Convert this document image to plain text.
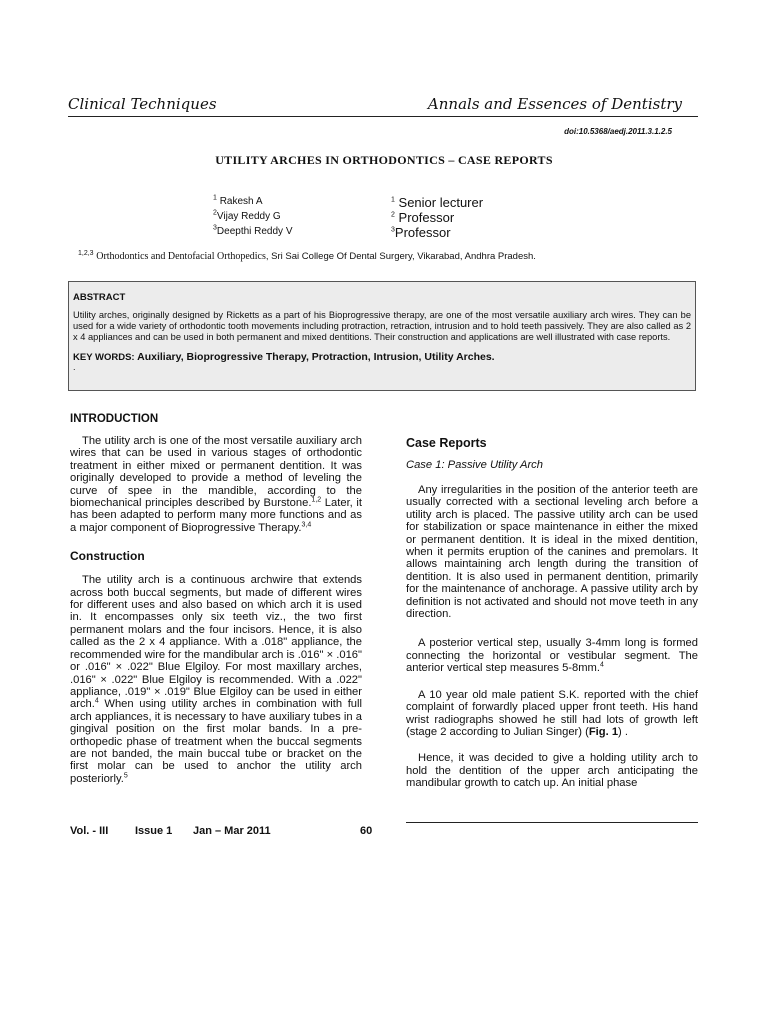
Clinical Techniques	Annals and Essences of Dentistry
doi:10.5368/aedj.2011.3.1.2.5
UTILITY ARCHES IN ORTHODONTICS – CASE REPORTS
$^1$ Rakesh A
$^2$Vijay Reddy G
$^3$Deepthi Reddy V
$^1$ Senior lecturer
$^2$ Professor
$^3$Professor
$^{1,2,3}$ Orthodontics and Dentofacial Orthopedics, Sri Sai College Of Dental Surgery, Vikarabad, Andhra Pradesh.

ABSTRACT

Utility arches, originally designed by Ricketts as a part of his Bioprogressive therapy, are one of the most versatile auxiliary arch wires. They can be used for a wide variety of orthodontic tooth movements including protraction, retraction, intrusion and to hold teeth passively. They are also called as 2 x 4 appliances and can be used in both permanent and mixed dentitions. Their construction and applications are well illustrated with case reports.

KEY WORDS: Auxiliary, Bioprogressive Therapy, Protraction, Intrusion, Utility Arches.
.

INTRODUCTION

The utility arch is one of the most versatile auxiliary arch wires that can be used in various stages of orthodontic treatment in either mixed or permanent dentition. It was originally developed to provide a method of leveling the curve of spee in the mandible, according to the biomechanical principles described by Burstone.$^{1,2}$ Later, it has been adapted to perform many more functions and as a major component of Bioprogressive Therapy.$^{3,4}$

Construction

The utility arch is a continuous archwire that extends across both buccal segments, but made of different wires for different uses and also based on which arch it is used in. It encompasses only six teeth viz., the two first permanent molars and the four incisors. Hence, it is also called as the 2 x 4 appliance. With a .018" appliance, the recommended wire for the mandibular arch is .016" × .016" or .016" × .022" Blue Elgiloy. For most maxillary arches, .016" × .022" Blue Elgiloy is recommended. With a .022" appliance, .019" × .019" Blue Elgiloy can be used in either arch.$^4$ When using utility arches in combination with full arch appliances, it is necessary to have auxiliary tubes in a gingival position on the first molar bands. In a pre-orthopedic phase of treatment when the buccal segments are not banded, the main buccal tube or bracket on the first molar can be used to anchor the utility arch posteriorly.$^5$

Case Reports

Case 1: Passive Utility Arch

Any irregularities in the position of the anterior teeth are usually corrected with a sectional leveling arch before a utility arch is placed. The passive utility arch can be used for stabilization or space maintenance in either the mixed or permanent dentition. It is ideal in the mixed dentition, when it permits eruption of the canines and premolars. It allows maintaining arch length during the transition of dentition. It is also used in permanent dentition, primarily for the maintenance of anchorage. A passive utility arch by definition is not activated and should not move teeth in any direction.

A posterior vertical step, usually 3-4mm long is formed connecting the horizontal or vestibular segment. The anterior vertical step measures 5-8mm.$^4$

A 10 year old male patient S.K. reported with the chief complaint of forwardly placed upper front teeth. His hand wrist radiographs showed he still had lots of growth left (stage 2 according to Julian Singer) (Fig. 1) .

Hence, it was decided to give a holding utility arch to hold the dentition of the upper arch anticipating the mandibular growth to catch up. An initial phase

Vol. - III Issue 1 Jan – Mar 2011	60
